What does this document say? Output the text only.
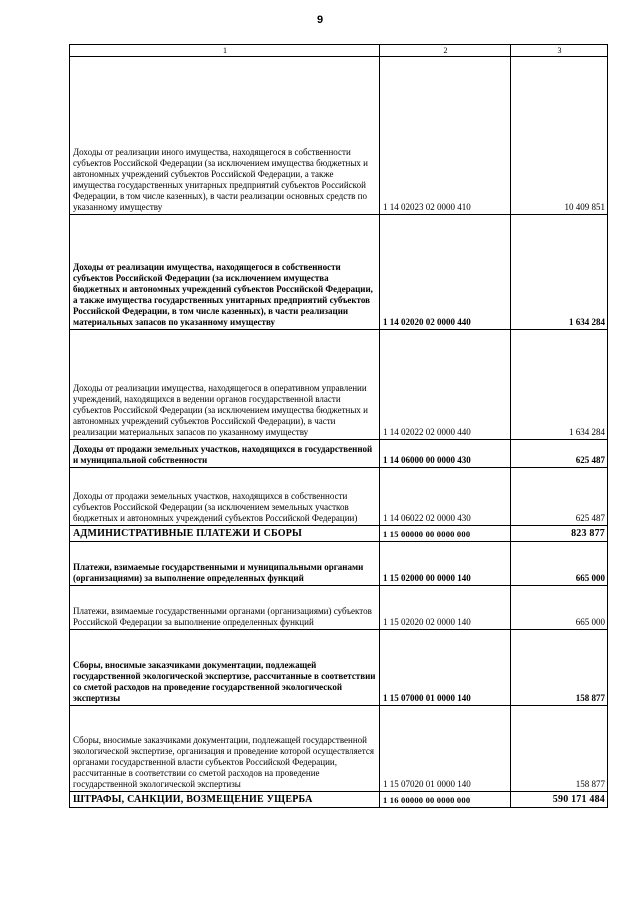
9
1	2	3
Доходы от реализации иного имущества, находящегося в собственности субъектов Российской Федерации (за исключением имущества бюджетных и автономных учреждений субъектов Российской Федерации, а также имущества государственных унитарных предприятий субъектов Российской Федерации, в том числе казенных), в части реализации основных средств по указанному имуществу	1 14 02023 02 0000 410	10 409 851
Доходы от реализации имущества, находящегося в собственности субъектов Российской Федерации (за исключением имущества бюджетных и автономных учреждений субъектов Российской Федерации, а также имущества государственных унитарных предприятий субъектов Российской Федерации, в том числе казенных), в части реализации материальных запасов по указанному имуществу	1 14 02020 02 0000 440	1 634 284
Доходы от реализации имущества, находящегося в оперативном управлении учреждений, находящихся в ведении органов государственной власти субъектов Российской Федерации (за исключением имущества бюджетных и автономных учреждений субъектов Российской Федерации), в части реализации материальных запасов по указанному имуществу	1 14 02022 02 0000 440	1 634 284
Доходы от продажи земельных участков, находящихся в государственной и муниципальной собственности	1 14 06000 00 0000 430	625 487
Доходы от продажи земельных участков, находящихся в собственности субъектов Российской Федерации (за исключением земельных участков бюджетных и автономных учреждений субъектов Российской Федерации)	1 14 06022 02 0000 430	625 487
АДМИНИСТРАТИВНЫЕ ПЛАТЕЖИ И СБОРЫ	1 15 00000 00 0000 000	823 877
Платежи, взимаемые государственными и муниципальными органами (организациями) за выполнение определенных функций	1 15 02000 00 0000 140	665 000
Платежи, взимаемые государственными органами (организациями) субъектов Российской Федерации за выполнение определенных функций	1 15 02020 02 0000 140	665 000
Сборы, вносимые заказчиками документации, подлежащей государственной экологической экспертизе, рассчитанные в соответствии со сметой расходов на проведение государственной экологической экспертизы	1 15 07000 01 0000 140	158 877
Сборы, вносимые заказчиками документации, подлежащей государственной экологической экспертизе, организация и проведение которой осуществляется органами государственной власти субъектов Российской Федерации, рассчитанные в соответствии со сметой расходов на проведение государственной экологической экспертизы	1 15 07020 01 0000 140	158 877
ШТРАФЫ, САНКЦИИ, ВОЗМЕЩЕНИЕ УЩЕРБА	1 16 00000 00 0000 000	590 171 484
